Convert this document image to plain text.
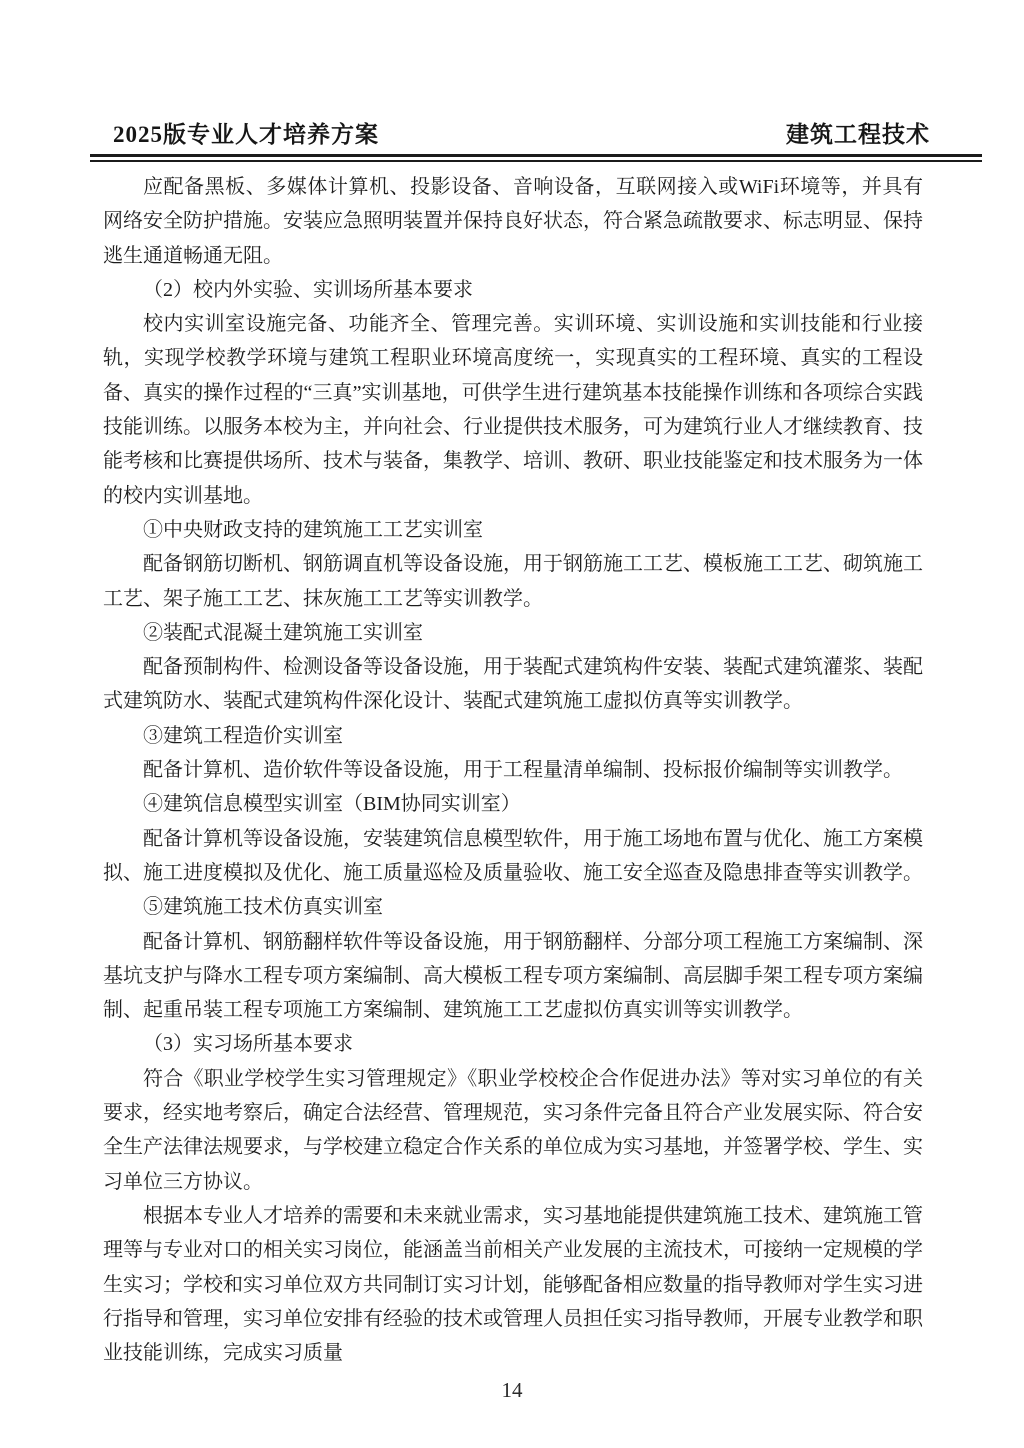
2025版专业人才培养方案	建筑工程技术

应配备黑板、多媒体计算机、投影设备、音响设备，互联网接入或WiFi环境等，并具有网络安全防护措施。安装应急照明装置并保持良好状态，符合紧急疏散要求、标志明显、保持逃生通道畅通无阻。

（2）校内外实验、实训场所基本要求

校内实训室设施完备、功能齐全、管理完善。实训环境、实训设施和实训技能和行业接轨，实现学校教学环境与建筑工程职业环境高度统一，实现真实的工程环境、真实的工程设备、真实的操作过程的“三真”实训基地，可供学生进行建筑基本技能操作训练和各项综合实践技能训练。以服务本校为主，并向社会、行业提供技术服务，可为建筑行业人才继续教育、技能考核和比赛提供场所、技术与装备，集教学、培训、教研、职业技能鉴定和技术服务为一体的校内实训基地。

①中央财政支持的建筑施工工艺实训室

配备钢筋切断机、钢筋调直机等设备设施，用于钢筋施工工艺、模板施工工艺、砌筑施工工艺、架子施工工艺、抹灰施工工艺等实训教学。

②装配式混凝土建筑施工实训室

配备预制构件、检测设备等设备设施，用于装配式建筑构件安装、装配式建筑灌浆、装配式建筑防水、装配式建筑构件深化设计、装配式建筑施工虚拟仿真等实训教学。

③建筑工程造价实训室

配备计算机、造价软件等设备设施，用于工程量清单编制、投标报价编制等实训教学。

④建筑信息模型实训室（BIM协同实训室）

配备计算机等设备设施，安装建筑信息模型软件，用于施工场地布置与优化、施工方案模拟、施工进度模拟及优化、施工质量巡检及质量验收、施工安全巡查及隐患排查等实训教学。

⑤建筑施工技术仿真实训室

配备计算机、钢筋翻样软件等设备设施，用于钢筋翻样、分部分项工程施工方案编制、深基坑支护与降水工程专项方案编制、高大模板工程专项方案编制、高层脚手架工程专项方案编制、起重吊装工程专项施工方案编制、建筑施工工艺虚拟仿真实训等实训教学。

（3）实习场所基本要求

符合《职业学校学生实习管理规定》《职业学校校企合作促进办法》等对实习单位的有关要求，经实地考察后，确定合法经营、管理规范，实习条件完备且符合产业发展实际、符合安全生产法律法规要求，与学校建立稳定合作关系的单位成为实习基地，并签署学校、学生、实习单位三方协议。

根据本专业人才培养的需要和未来就业需求，实习基地能提供建筑施工技术、建筑施工管理等与专业对口的相关实习岗位，能涵盖当前相关产业发展的主流技术，可接纳一定规模的学生实习；学校和实习单位双方共同制订实习计划，能够配备相应数量的指导教师对学生实习进行指导和管理，实习单位安排有经验的技术或管理人员担任实习指导教师，开展专业教学和职业技能训练，完成实习质量

14
